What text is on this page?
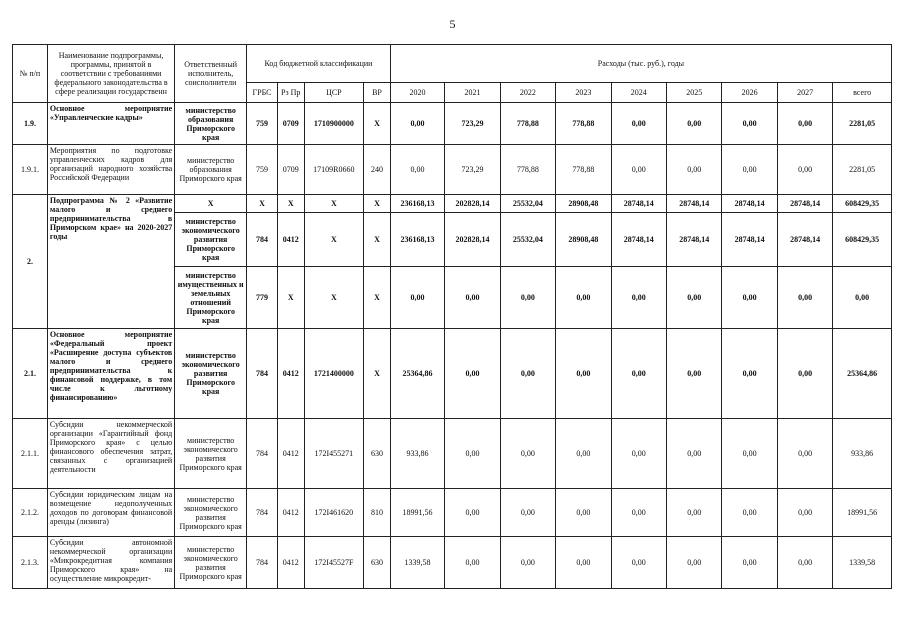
5
№ п/п	Наименование подпрограммы, программы, принятой в соответствии с требованиями федерального законодательства в сфере реализации государственн	Ответственный исполнитель, соисполнители	Код бюджетной классификации				Расходы (тыс. руб.), годы								
			ГРБС	Рз Пр	ЦСР	ВР	2020	2021	2022	2023	2024	2025	2026	2027	всего
1.9.	Основное мероприятие «Управленческие кадры»	министерство образования Приморского края	759	0709	1710900000	Х	0,00	723,29	778,88	778,88	0,00	0,00	0,00	0,00	2281,05
1.9.1.	Мероприятия по подготовке управленческих кадров для организаций народного хозяйства Российской Федерации	министерство образования Приморского края	759	0709	17109R0660	240	0,00	723,29	778,88	778,88	0,00	0,00	0,00	0,00	2281,05
2.	Подпрограмма № 2 «Развитие малого и среднего предпринимательства в Приморском крае» на 2020-2027 годы	Х	Х	Х	Х	Х	236168,13	202828,14	25532,04	28908,48	28748,14	28748,14	28748,14	28748,14	608429,35
		министерство экономического развития Приморского края	784	0412	Х	Х	236168,13	202828,14	25532,04	28908,48	28748,14	28748,14	28748,14	28748,14	608429,35
		министерство имущественных и земельных отношений Приморского края	779	Х	Х	Х	0,00	0,00	0,00	0,00	0,00	0,00	0,00	0,00	0,00
2.1.	Основное мероприятие «Федеральный проект «Расширение доступа субъектов малого и среднего предпринимательства к финансовой поддержке, в том числе к льготному финансированию»	министерство экономического развития Приморского края	784	0412	1721400000	Х	25364,86	0,00	0,00	0,00	0,00	0,00	0,00	0,00	25364,86
2.1.1.	Субсидии некоммерческой организации «Гарантийный фонд Приморского края» с целью финансового обеспечения затрат, связанных с организацией деятельности	министерство экономического развития Приморского края	784	0412	172I455271	630	933,86	0,00	0,00	0,00	0,00	0,00	0,00	0,00	933,86
2.1.2.	Субсидии юридическим лицам на возмещение недополученных доходов по договорам финансовой аренды (лизинга)	министерство экономического развития Приморского края	784	0412	172I461620	810	18991,56	0,00	0,00	0,00	0,00	0,00	0,00	0,00	18991,56
2.1.3.	Субсидии автономной некоммерческой организации «Микрокредитная компания Приморского края» на осуществление микрокредит-	министерство экономического развития Приморского края	784	0412	172I45527F	630	1339,58	0,00	0,00	0,00	0,00	0,00	0,00	0,00	1339,58
